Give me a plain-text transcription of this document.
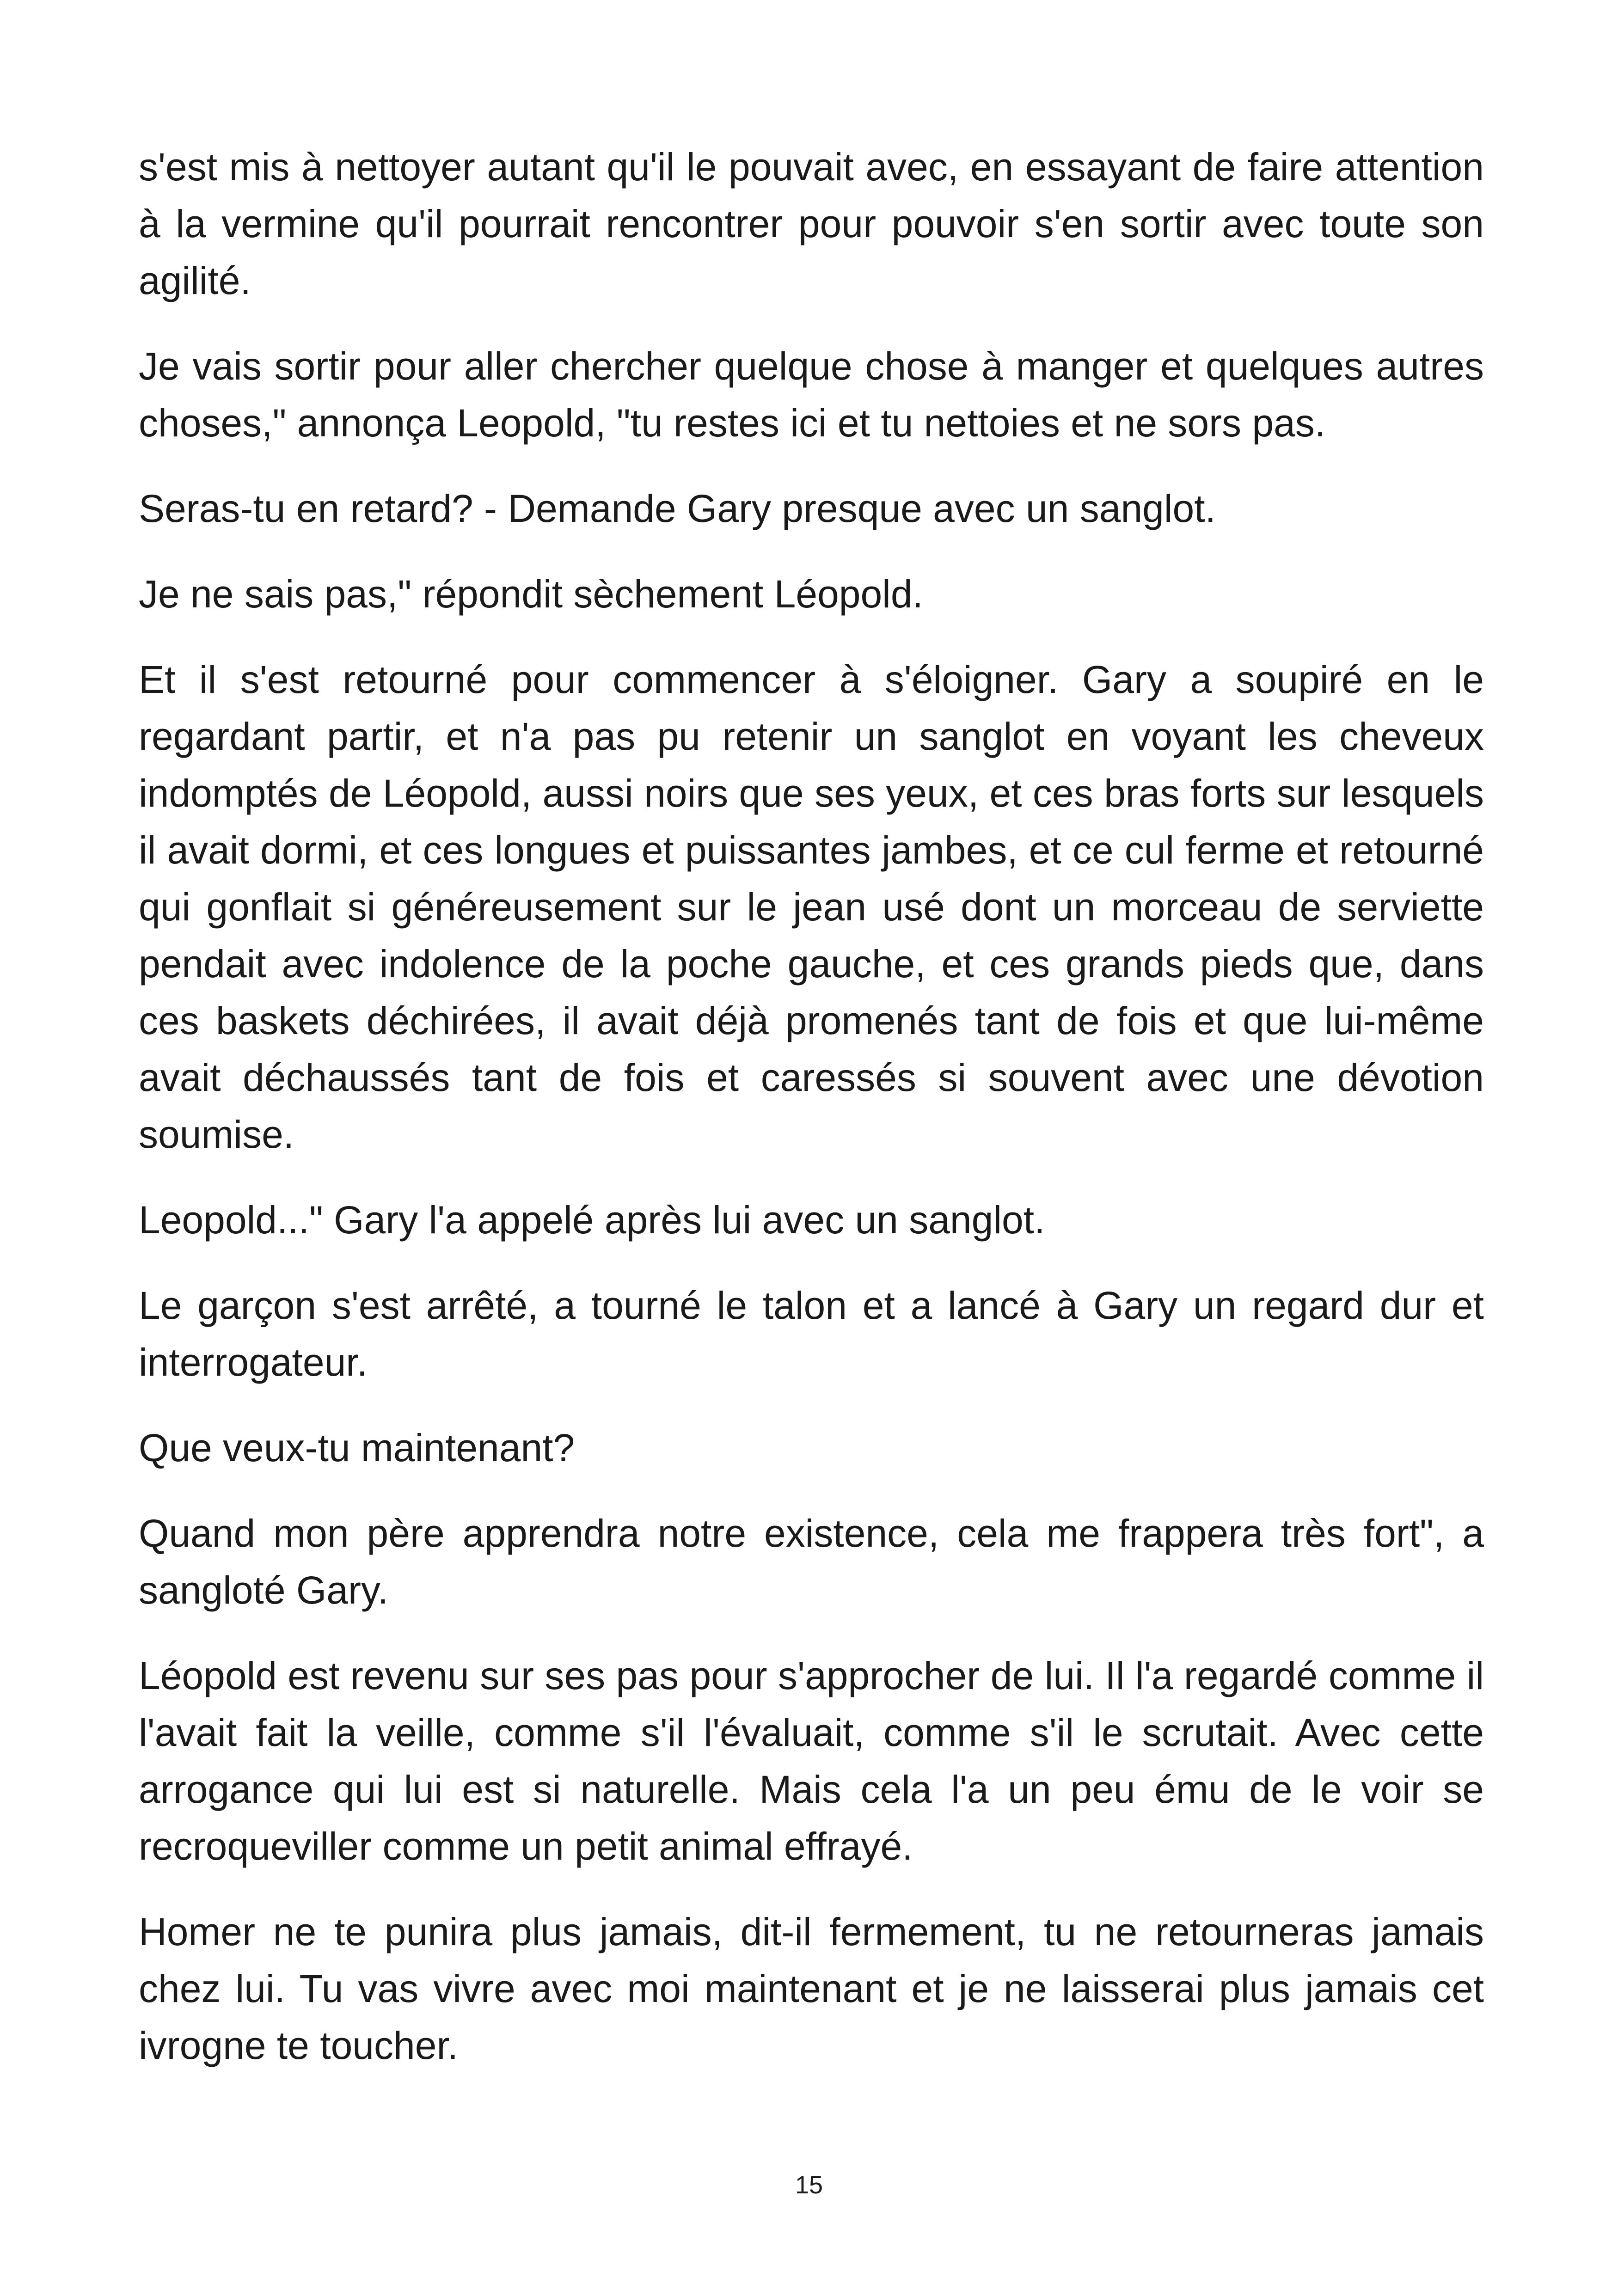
s'est mis à nettoyer autant qu'il le pouvait avec, en essayant de faire attention à la vermine qu'il pourrait rencontrer pour pouvoir s'en sortir avec toute son agilité.

Je vais sortir pour aller chercher quelque chose à manger et quelques autres choses," annonça Leopold, "tu restes ici et tu nettoies et ne sors pas.

Seras-tu en retard? - Demande Gary presque avec un sanglot.

Je ne sais pas," répondit sèchement Léopold.

Et il s'est retourné pour commencer à s'éloigner. Gary a soupiré en le regardant partir, et n'a pas pu retenir un sanglot en voyant les cheveux indomptés de Léopold, aussi noirs que ses yeux, et ces bras forts sur lesquels il avait dormi, et ces longues et puissantes jambes, et ce cul ferme et retourné qui gonflait si généreusement sur le jean usé dont un morceau de serviette pendait avec indolence de la poche gauche, et ces grands pieds que, dans ces baskets déchirées, il avait déjà promenés tant de fois et que lui-même avait déchaussés tant de fois et caressés si souvent avec une dévotion soumise.

Leopold..." Gary l'a appelé après lui avec un sanglot.

Le garçon s'est arrêté, a tourné le talon et a lancé à Gary un regard dur et interrogateur.

Que veux-tu maintenant?

Quand mon père apprendra notre existence, cela me frappera très fort", a sangloté Gary.

Léopold est revenu sur ses pas pour s'approcher de lui. Il l'a regardé comme il l'avait fait la veille, comme s'il l'évaluait, comme s'il le scrutait. Avec cette arrogance qui lui est si naturelle. Mais cela l'a un peu ému de le voir se recroqueviller comme un petit animal effrayé.

Homer ne te punira plus jamais, dit-il fermement, tu ne retourneras jamais chez lui. Tu vas vivre avec moi maintenant et je ne laisserai plus jamais cet ivrogne te toucher.

15
